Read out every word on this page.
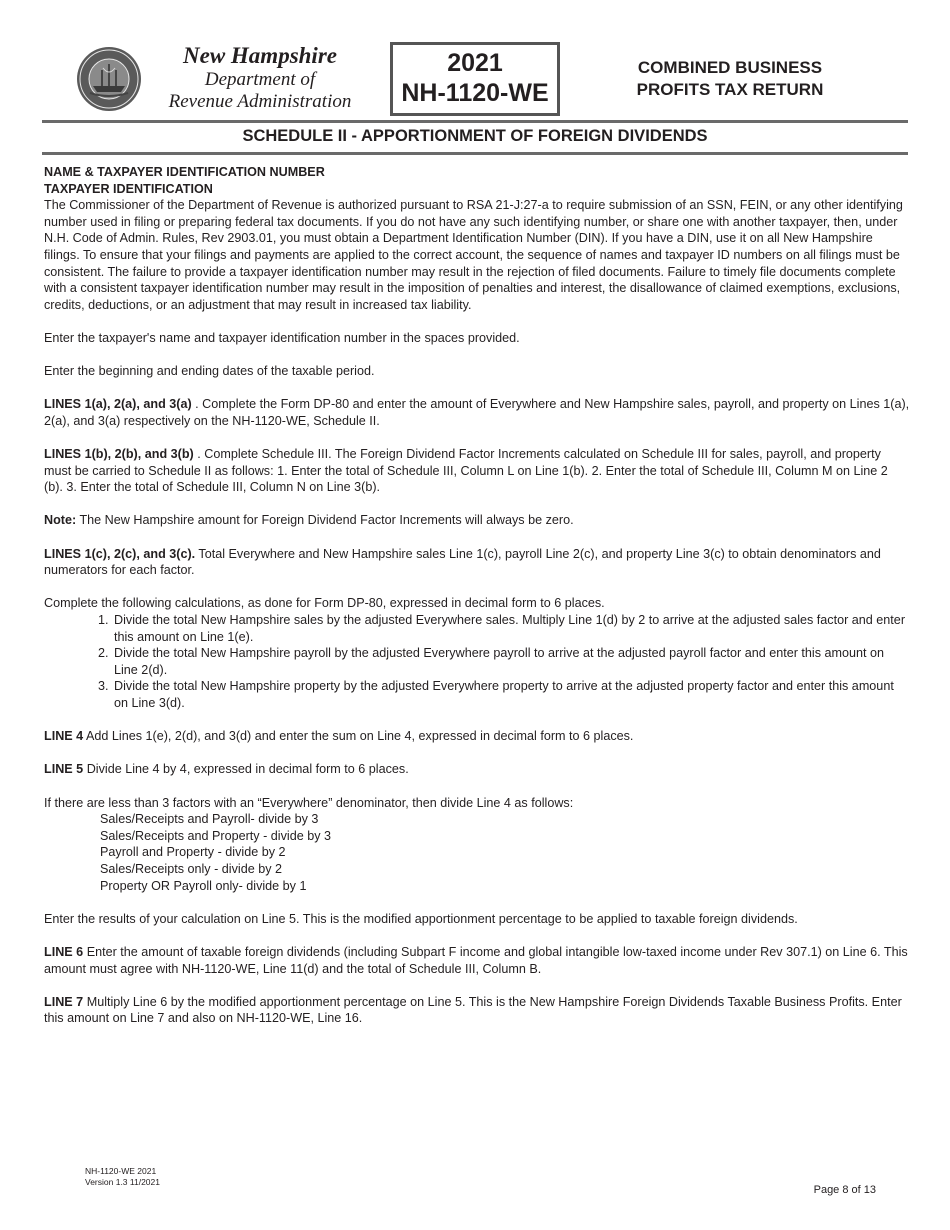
New Hampshire
Department of
Revenue Administration
2021
NH-1120-WE
COMBINED BUSINESS
PROFITS TAX RETURN
SCHEDULE II - APPORTIONMENT OF FOREIGN DIVIDENDS
NAME & TAXPAYER IDENTIFICATION NUMBER
TAXPAYER IDENTIFICATION

The Commissioner of the Department of Revenue is authorized pursuant to RSA 21-J:27-a to require submission of an SSN, FEIN, or any other identifying number used in filing or preparing federal tax documents. If you do not have any such identifying number, or share one with another taxpayer, then, under N.H. Code of Admin. Rules, Rev 2903.01, you must obtain a Department Identification Number (DIN). If you have a DIN, use it on all New Hampshire filings. To ensure that your filings and payments are applied to the correct account, the sequence of names and taxpayer ID numbers on all filings must be consistent. The failure to provide a taxpayer identification number may result in the rejection of filed documents. Failure to timely file documents complete with a consistent taxpayer identification number may result in the imposition of penalties and interest, the disallowance of claimed exemptions, exclusions, credits, deductions, or an adjustment that may result in increased tax liability.

Enter the taxpayer's name and taxpayer identification number in the spaces provided.

Enter the beginning and ending dates of the taxable period.

LINES 1(a), 2(a), and 3(a) . Complete the Form DP-80 and enter the amount of Everywhere and New Hampshire sales, payroll, and property on Lines 1(a), 2(a), and 3(a) respectively on the NH-1120-WE, Schedule II.

LINES 1(b), 2(b), and 3(b) . Complete Schedule III. The Foreign Dividend Factor Increments calculated on Schedule III for sales, payroll, and property must be carried to Schedule II as follows: 1. Enter the total of Schedule III, Column L on Line 1(b). 2. Enter the total of Schedule III, Column M on Line 2 (b). 3. Enter the total of Schedule III, Column N on Line 3(b).

Note: The New Hampshire amount for Foreign Dividend Factor Increments will always be zero.

LINES 1(c), 2(c), and 3(c). Total Everywhere and New Hampshire sales Line 1(c), payroll Line 2(c), and property Line 3(c) to obtain denominators and numerators for each factor.

Complete the following calculations, as done for Form DP-80, expressed in decimal form to 6 places.
1. Divide the total New Hampshire sales by the adjusted Everywhere sales. Multiply Line 1(d) by 2 to arrive at the adjusted sales factor and enter this amount on Line 1(e).
2. Divide the total New Hampshire payroll by the adjusted Everywhere payroll to arrive at the adjusted payroll factor and enter this amount on Line 2(d).
3. Divide the total New Hampshire property by the adjusted Everywhere property to arrive at the adjusted property factor and enter this amount on Line 3(d).

LINE 4 Add Lines 1(e), 2(d), and 3(d) and enter the sum on Line 4, expressed in decimal form to 6 places.

LINE 5 Divide Line 4 by 4, expressed in decimal form to 6 places.

If there are less than 3 factors with an “Everywhere” denominator, then divide Line 4 as follows:
Sales/Receipts and Payroll- divide by 3
Sales/Receipts and Property - divide by 3
Payroll and Property - divide by 2
Sales/Receipts only - divide by 2
Property OR Payroll only- divide by 1

Enter the results of your calculation on Line 5. This is the modified apportionment percentage to be applied to taxable foreign dividends.

LINE 6 Enter the amount of taxable foreign dividends (including Subpart F income and global intangible low-taxed income under Rev 307.1) on Line 6. This amount must agree with NH-1120-WE, Line 11(d) and the total of Schedule III, Column B.

LINE 7 Multiply Line 6 by the modified apportionment percentage on Line 5. This is the New Hampshire Foreign Dividends Taxable Business Profits. Enter this amount on Line 7 and also on NH-1120-WE, Line 16.

NH-1120-WE 2021
Version 1.3 11/2021
Page 8 of 13
